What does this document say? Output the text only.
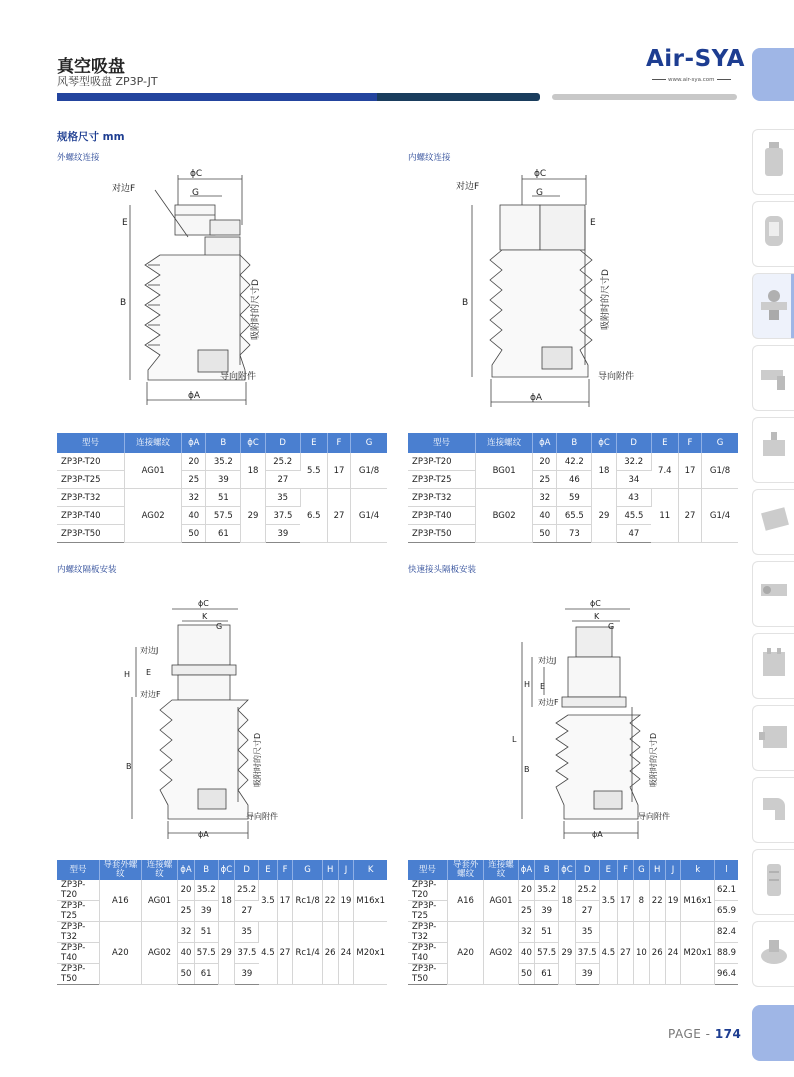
真空吸盘
风琴型吸盘 ZP3P-JT
Air-SYA
www.air-sya.com
规格尺寸 mm
外螺纹连接	内螺纹连接
内螺纹隔板安装	快速接头隔板安装
ϕC
对边F	G
E
B
导向附件
ϕA
吸附时的尺寸D
ϕC
对边F
G
E
B
导向附件
ϕA
吸附时的尺寸D
ϕC
K
G
对边J
H E
对边F
B
导向附件
ϕA
吸附时的尺寸D
ϕC
K
G
对边J
H E
对边F
L
B
导向附件
ϕA
吸附时的尺寸D
型号	连接螺纹	ϕA	B	ϕC	D	E	F	G
ZP3P-T20	AG01	20	35.2	18	25.2	5.5	17	G1/8
ZP3P-T25		25	39		27			
ZP3P-T32	AG02	32	51	29	35	6.5	27	G1/4
ZP3P-T40		40	57.5		37.5			
ZP3P-T50		50	61		39			
型号	连接螺纹	ϕA	B	ϕC	D	E	F	G
ZP3P-T20	BG01	20	42.2	18	32.2	7.4	17	G1/8
ZP3P-T25		25	46		34			
ZP3P-T32	BG02	32	59	29	43	11	27	G1/4
ZP3P-T40		40	65.5		45.5			
ZP3P-T50		50	73		47			
型号	导套外螺纹	连接螺纹	ϕA	B	ϕC	D	E	F	G	H	J	K
ZP3P-T20	A16	AG01	20	35.2	18	25.2	3.5	17	Rc1/8	22	19	M16x1
ZP3P-T25			25	39		27						
ZP3P-T32	A20	AG02	32	51	29	35	4.5	27	Rc1/4	26	24	M20x1
ZP3P-T40			40	57.5		37.5						
ZP3P-T50			50	61		39						
型号	导套外螺纹	连接螺纹	ϕA	B	ϕC	D	E	F	G	H	J	k	l
ZP3P-T20	A16	AG01	20	35.2	18	25.2	3.5	17	8	22	19	M16x1	62.1
ZP3P-T25			25	39		27							65.9
ZP3P-T32	A20	AG02	32	51	29	35	4.5	27	10	26	24	M20x1	82.4
ZP3P-T40			40	57.5		37.5							88.9
ZP3P-T50			50	61		39							96.4
PAGE - 174
